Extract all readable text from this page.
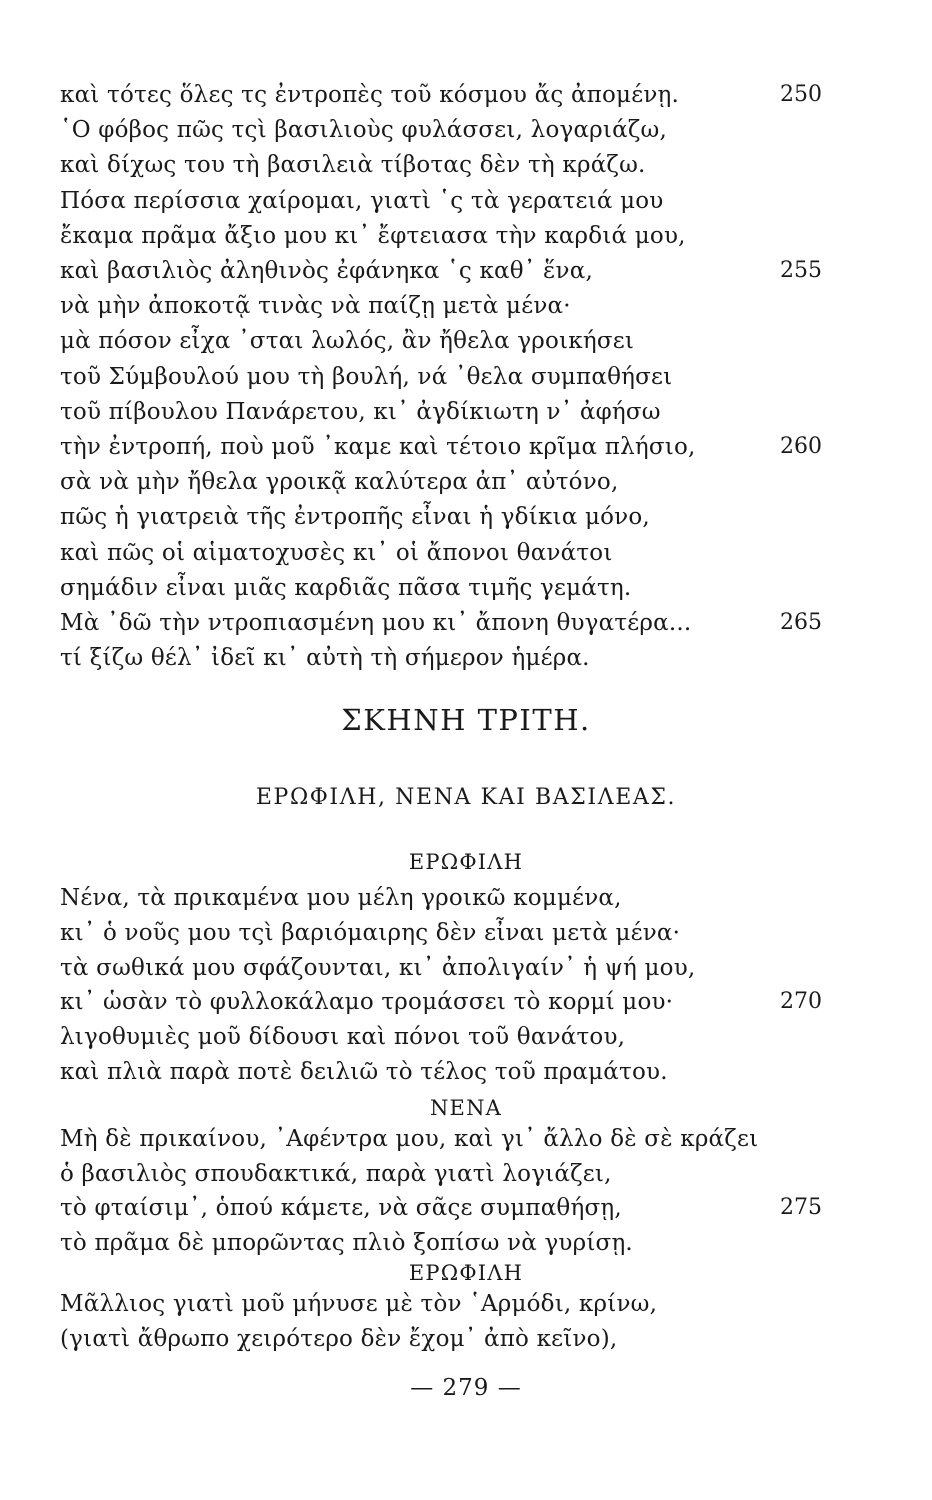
καὶ τότες ὅλες τς ἐντροπὲς τοῦ κόσμου ἄς ἀπομένῃ.
῾Ο φόβος πῶς τςὶ βασιλιοὺς φυλάσσει, λογαριάζω,
καὶ δίχως του τὴ βασιλειὰ τίβοτας δὲν τὴ κράζω.
Πόσα περίσσια χαίρομαι, γιατὶ ῾ς τὰ γερατειά μου
ἔκαμα πρᾶμα ἄξιο μου κι᾽ ἔφτειασα τὴν καρδιά μου,
καὶ βασιλιὸς ἀληθινὸς ἐφάνηκα ῾ς καθ᾽ ἕνα,
νὰ μὴν ἀποκοτᾷ τινὰς νὰ παίζῃ μετὰ μένα·
μὰ πόσον εἶχα ᾽σται λωλός, ἂν ἤθελα γροικήσει
τοῦ Σύμβουλού μου τὴ βουλή, νά ᾽θελα συμπαθήσει
τοῦ πίβουλου Πανάρετου, κι᾽ ἀγδίκιωτη ν᾽ ἀφήσω
τὴν ἐντροπή, ποὺ μοῦ ᾽καμε καὶ τέτοιο κρῖμα πλήσιο,
σὰ νὰ μὴν ἤθελα γροικᾷ καλύτερα ἀπ᾽ αὐτόνο,
πῶς ἡ γιατρειὰ τῆς ἐντροπῆς εἶναι ἡ γδίκια μόνο,
καὶ πῶς οἱ αἱματοχυσὲς κι᾽ οἱ ἄπονοι θανάτοι
σημάδιν εἶναι μιᾶς καρδιᾶς πᾶσα τιμῆς γεμάτη.
Μὰ ᾽δῶ τὴν ντροπιασμένη μου κι᾽ ἄπονη θυγατέρα...
τί ξίζω θέλ᾽ ἰδεῖ κι᾽ αὐτὴ τὴ σήμερον ἡμέρα.
250
255
260
265
ΣΚΗΝΗ ΤΡΙΤΗ.
ΕΡΩΦΙΛΗ, ΝΕΝΑ ΚΑΙ ΒΑΣΙΛΕΑΣ.
ΕΡΩΦΙΛΗ
Νένα, τὰ πρικαμένα μου μέλη γροικῶ κομμένα,
κι᾽ ὁ νοῦς μου τςὶ βαριόμαιρης δὲν εἶναι μετὰ μένα·
τὰ σωθικά μου σφάζουνται, κι᾽ ἀπολιγαίν᾽ ἡ ψή μου,
κι᾽ ὡσὰν τὸ φυλλοκάλαμο τρομάσσει τὸ κορμί μου·
λιγοθυμιὲς μοῦ δίδουσι καὶ πόνοι τοῦ θανάτου,
καὶ πλιὰ παρὰ ποτὲ δειλιῶ τὸ τέλος τοῦ πραμάτου.
270
ΝΕΝΑ
Μὴ δὲ πρικαίνου, ᾽Αφέντρα μου, καὶ γι᾽ ἄλλο δὲ σὲ κράζει
ὁ βασιλιὸς σπουδακτικά, παρὰ γιατὶ λογιάζει,
τὸ φταίσιμ᾽, ὁπού κάμετε, νὰ σᾶςε συμπαθήσῃ,
τὸ πρᾶμα δὲ μπορῶντας πλιὸ ξοπίσω νὰ γυρίσῃ.
275
ΕΡΩΦΙΛΗ
Μᾶλλιος γιατὶ μοῦ μήνυσε μὲ τὸν ῾Αρμόδι, κρίνω,
(γιατὶ ἄθρωπο χειρότερο δὲν ἔχομ᾽ ἀπὸ κεῖνο),
— 279 —
